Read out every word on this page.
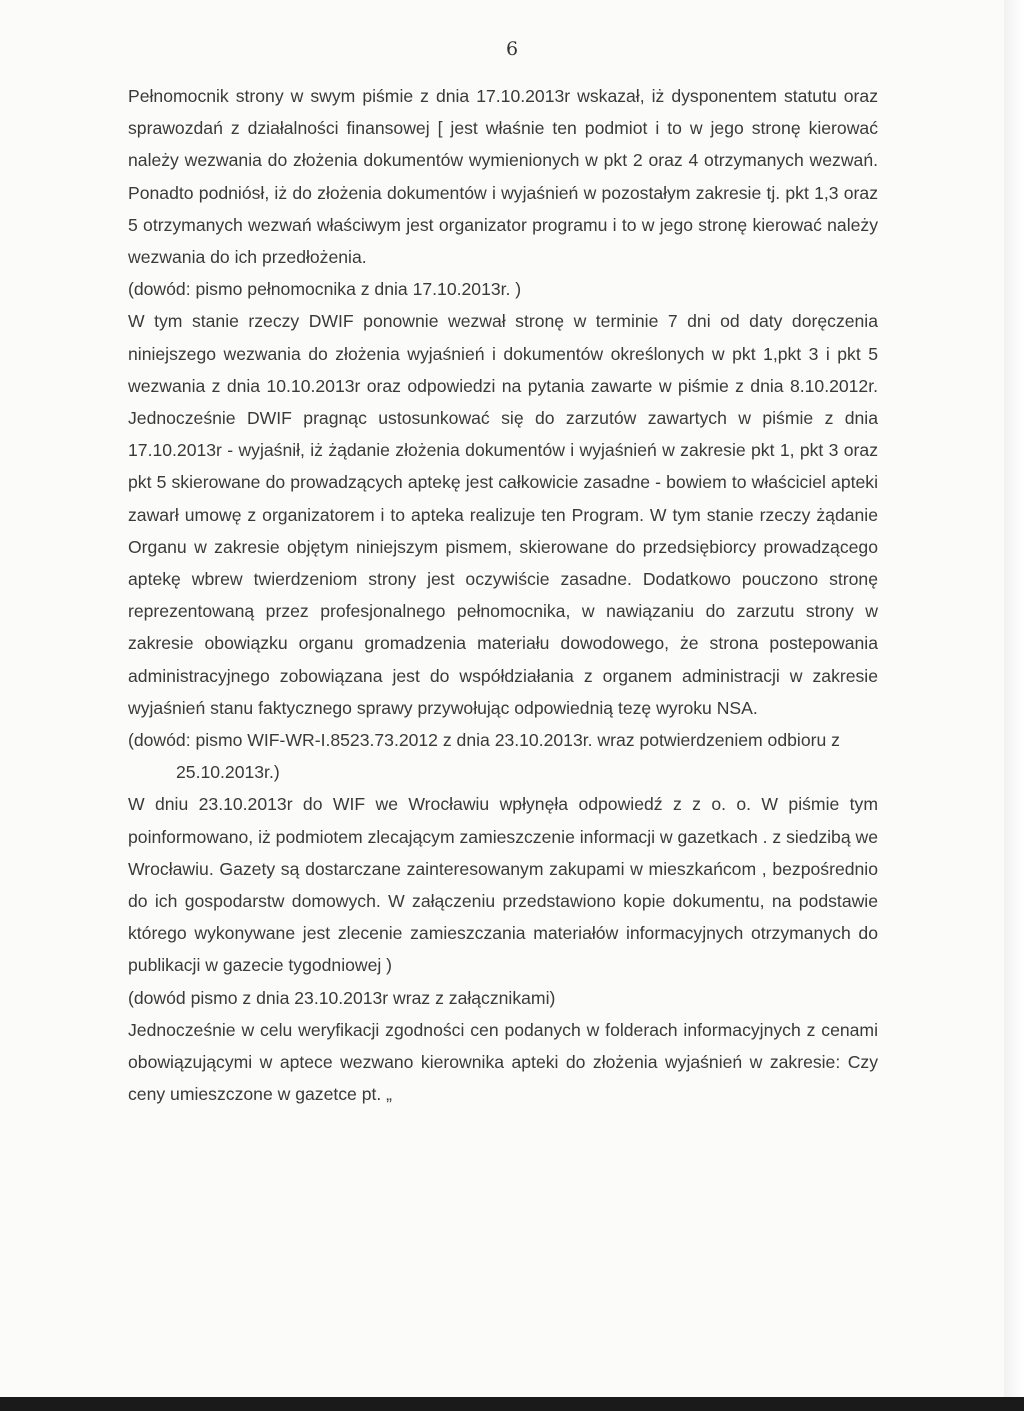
6

Pełnomocnik strony w swym piśmie z dnia 17.10.2013r wskazał, iż dysponentem statutu oraz sprawozdań z działalności finansowej [ jest właśnie ten podmiot i to w jego stronę kierować należy wezwania do złożenia dokumentów wymienionych w pkt 2 oraz 4 otrzymanych wezwań. Ponadto podniósł, iż do złożenia dokumentów i wyjaśnień w pozostałym zakresie tj. pkt 1,3 oraz 5 otrzymanych wezwań właściwym jest organizator programu i to w jego stronę kierować należy wezwania do ich przedłożenia.

(dowód: pismo pełnomocnika z dnia 17.10.2013r. )

W tym stanie rzeczy DWIF ponownie wezwał stronę w terminie 7 dni od daty doręczenia niniejszego wezwania do złożenia wyjaśnień i dokumentów określonych w pkt 1,pkt 3 i pkt 5 wezwania z dnia 10.10.2013r oraz odpowiedzi na pytania zawarte w piśmie z dnia 8.10.2012r. Jednocześnie DWIF pragnąc ustosunkować się do zarzutów zawartych w piśmie z dnia 17.10.2013r - wyjaśnił, iż żądanie złożenia dokumentów i wyjaśnień w zakresie pkt 1, pkt 3 oraz pkt 5 skierowane do prowadzących aptekę jest całkowicie zasadne - bowiem to właściciel apteki zawarł umowę z organizatorem i to apteka realizuje ten Program. W tym stanie rzeczy żądanie Organu w zakresie objętym niniejszym pismem, skierowane do przedsiębiorcy prowadzącego aptekę wbrew twierdzeniom strony jest oczywiście zasadne. Dodatkowo pouczono stronę reprezentowaną przez profesjonalnego pełnomocnika, w nawiązaniu do zarzutu strony w zakresie obowiązku organu gromadzenia materiału dowodowego, że strona postepowania administracyjnego zobowiązana jest do współdziałania z organem administracji w zakresie wyjaśnień stanu faktycznego sprawy przywołując odpowiednią tezę wyroku NSA.

(dowód: pismo WIF-WR-I.8523.73.2012 z dnia 23.10.2013r. wraz potwierdzeniem odbioru z

25.10.2013r.)

W dniu 23.10.2013r do WIF we Wrocławiu wpłynęła odpowiedź z z o. o. W piśmie tym poinformowano, iż podmiotem zlecającym zamieszczenie informacji w gazetkach . z siedzibą we Wrocławiu. Gazety są dostarczane zainteresowanym zakupami w mieszkańcom , bezpośrednio do ich gospodarstw domowych. W załączeniu przedstawiono kopie dokumentu, na podstawie którego wykonywane jest zlecenie zamieszczania materiałów informacyjnych otrzymanych do publikacji w gazecie tygodniowej )

(dowód pismo z dnia 23.10.2013r wraz z załącznikami)

Jednocześnie w celu weryfikacji zgodności cen podanych w folderach informacyjnych z cenami obowiązującymi w aptece wezwano kierownika apteki do złożenia wyjaśnień w zakresie: Czy ceny umieszczone w gazetce pt. „
